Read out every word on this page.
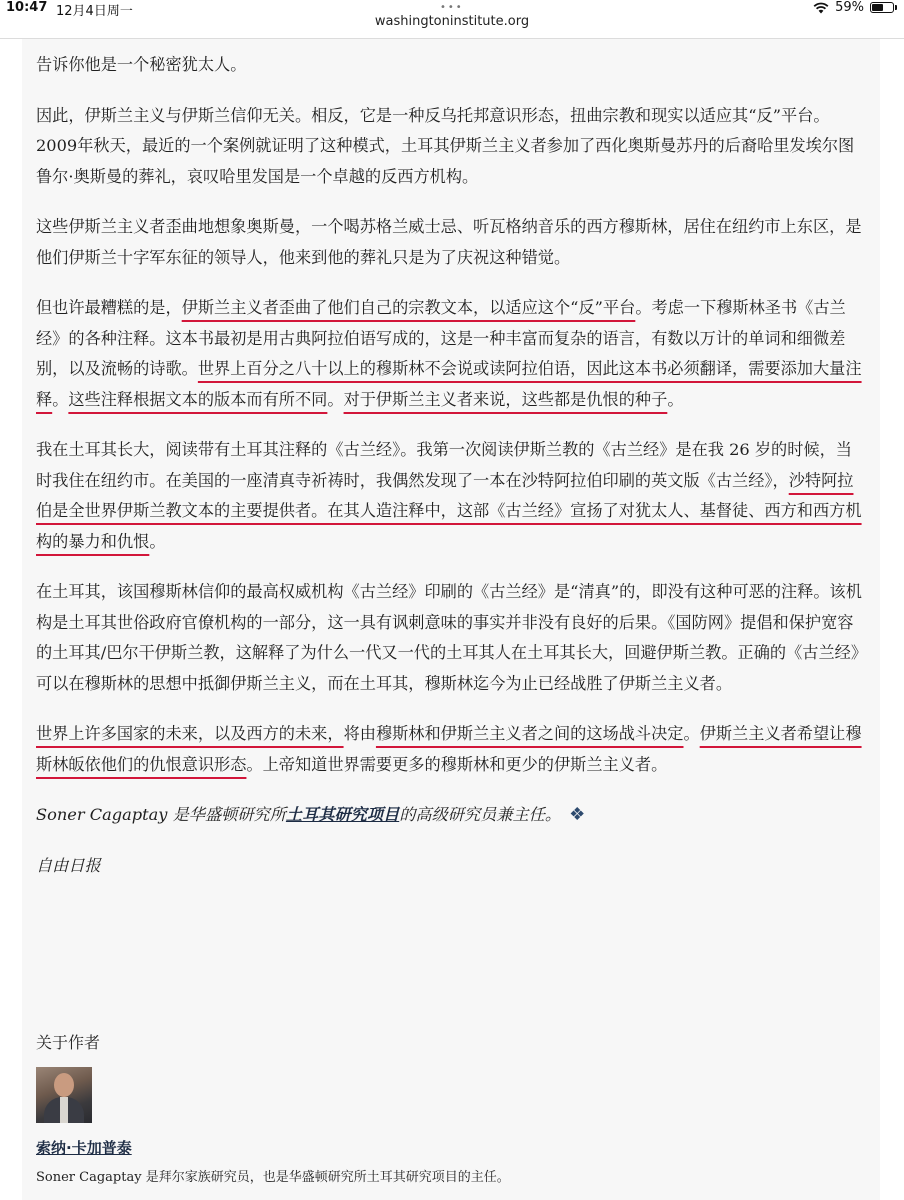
10:47 12月4日周一	•••	59%
washingtoninstitute.org

告诉你他是一个秘密犹太人。

因此，伊斯兰主义与伊斯兰信仰无关。相反，它是一种反乌托邦意识形态，扭曲宗教和现实以适应其“反”平台。2009年秋天，最近的一个案例就证明了这种模式，土耳其伊斯兰主义者参加了西化奥斯曼苏丹的后裔哈里发埃尔图鲁尔·奥斯曼的葬礼，哀叹哈里发国是一个卓越的反西方机构。

这些伊斯兰主义者歪曲地想象奥斯曼，一个喝苏格兰威士忌、听瓦格纳音乐的西方穆斯林，居住在纽约市上东区，是他们伊斯兰十字军东征的领导人，他来到他的葬礼只是为了庆祝这种错觉。

但也许最糟糕的是，伊斯兰主义者歪曲了他们自己的宗教文本，以适应这个“反”平台。考虑一下穆斯林圣书《古兰经》的各种注释。这本书最初是用古典阿拉伯语写成的，这是一种丰富而复杂的语言，有数以万计的单词和细微差别，以及流畅的诗歌。世界上百分之八十以上的穆斯林不会说或读阿拉伯语，因此这本书必须翻译，需要添加大量注释。这些注释根据文本的版本而有所不同。对于伊斯兰主义者来说，这些都是仇恨的种子。

我在土耳其长大，阅读带有土耳其注释的《古兰经》。我第一次阅读伊斯兰教的《古兰经》是在我 26 岁的时候，当时我住在纽约市。在美国的一座清真寺祈祷时，我偶然发现了一本在沙特阿拉伯印刷的英文版《古兰经》，沙特阿拉伯是全世界伊斯兰教文本的主要提供者。在其人造注释中，这部《古兰经》宣扬了对犹太人、基督徒、西方和西方机构的暴力和仇恨。

在土耳其，该国穆斯林信仰的最高权威机构《古兰经》印刷的《古兰经》是“清真”的，即没有这种可恶的注释。该机构是土耳其世俗政府官僚机构的一部分，这一具有讽刺意味的事实并非没有良好的后果。《国防网》提倡和保护宽容的土耳其/巴尔干伊斯兰教，这解释了为什么一代又一代的土耳其人在土耳其长大，回避伊斯兰教。正确的《古兰经》可以在穆斯林的思想中抵御伊斯兰主义，而在土耳其，穆斯林迄今为止已经战胜了伊斯兰主义者。

世界上许多国家的未来，以及西方的未来，将由穆斯林和伊斯兰主义者之间的这场战斗决定。伊斯兰主义者希望让穆斯林皈依他们的仇恨意识形态。上帝知道世界需要更多的穆斯林和更少的伊斯兰主义者。

Soner Cagaptay 是华盛顿研究所土耳其研究项目的高级研究员兼主任。 ❖

自由日报

关于作者

索纳·卡加普泰
Soner Cagaptay 是拜尔家族研究员，也是华盛顿研究所土耳其研究项目的主任。
